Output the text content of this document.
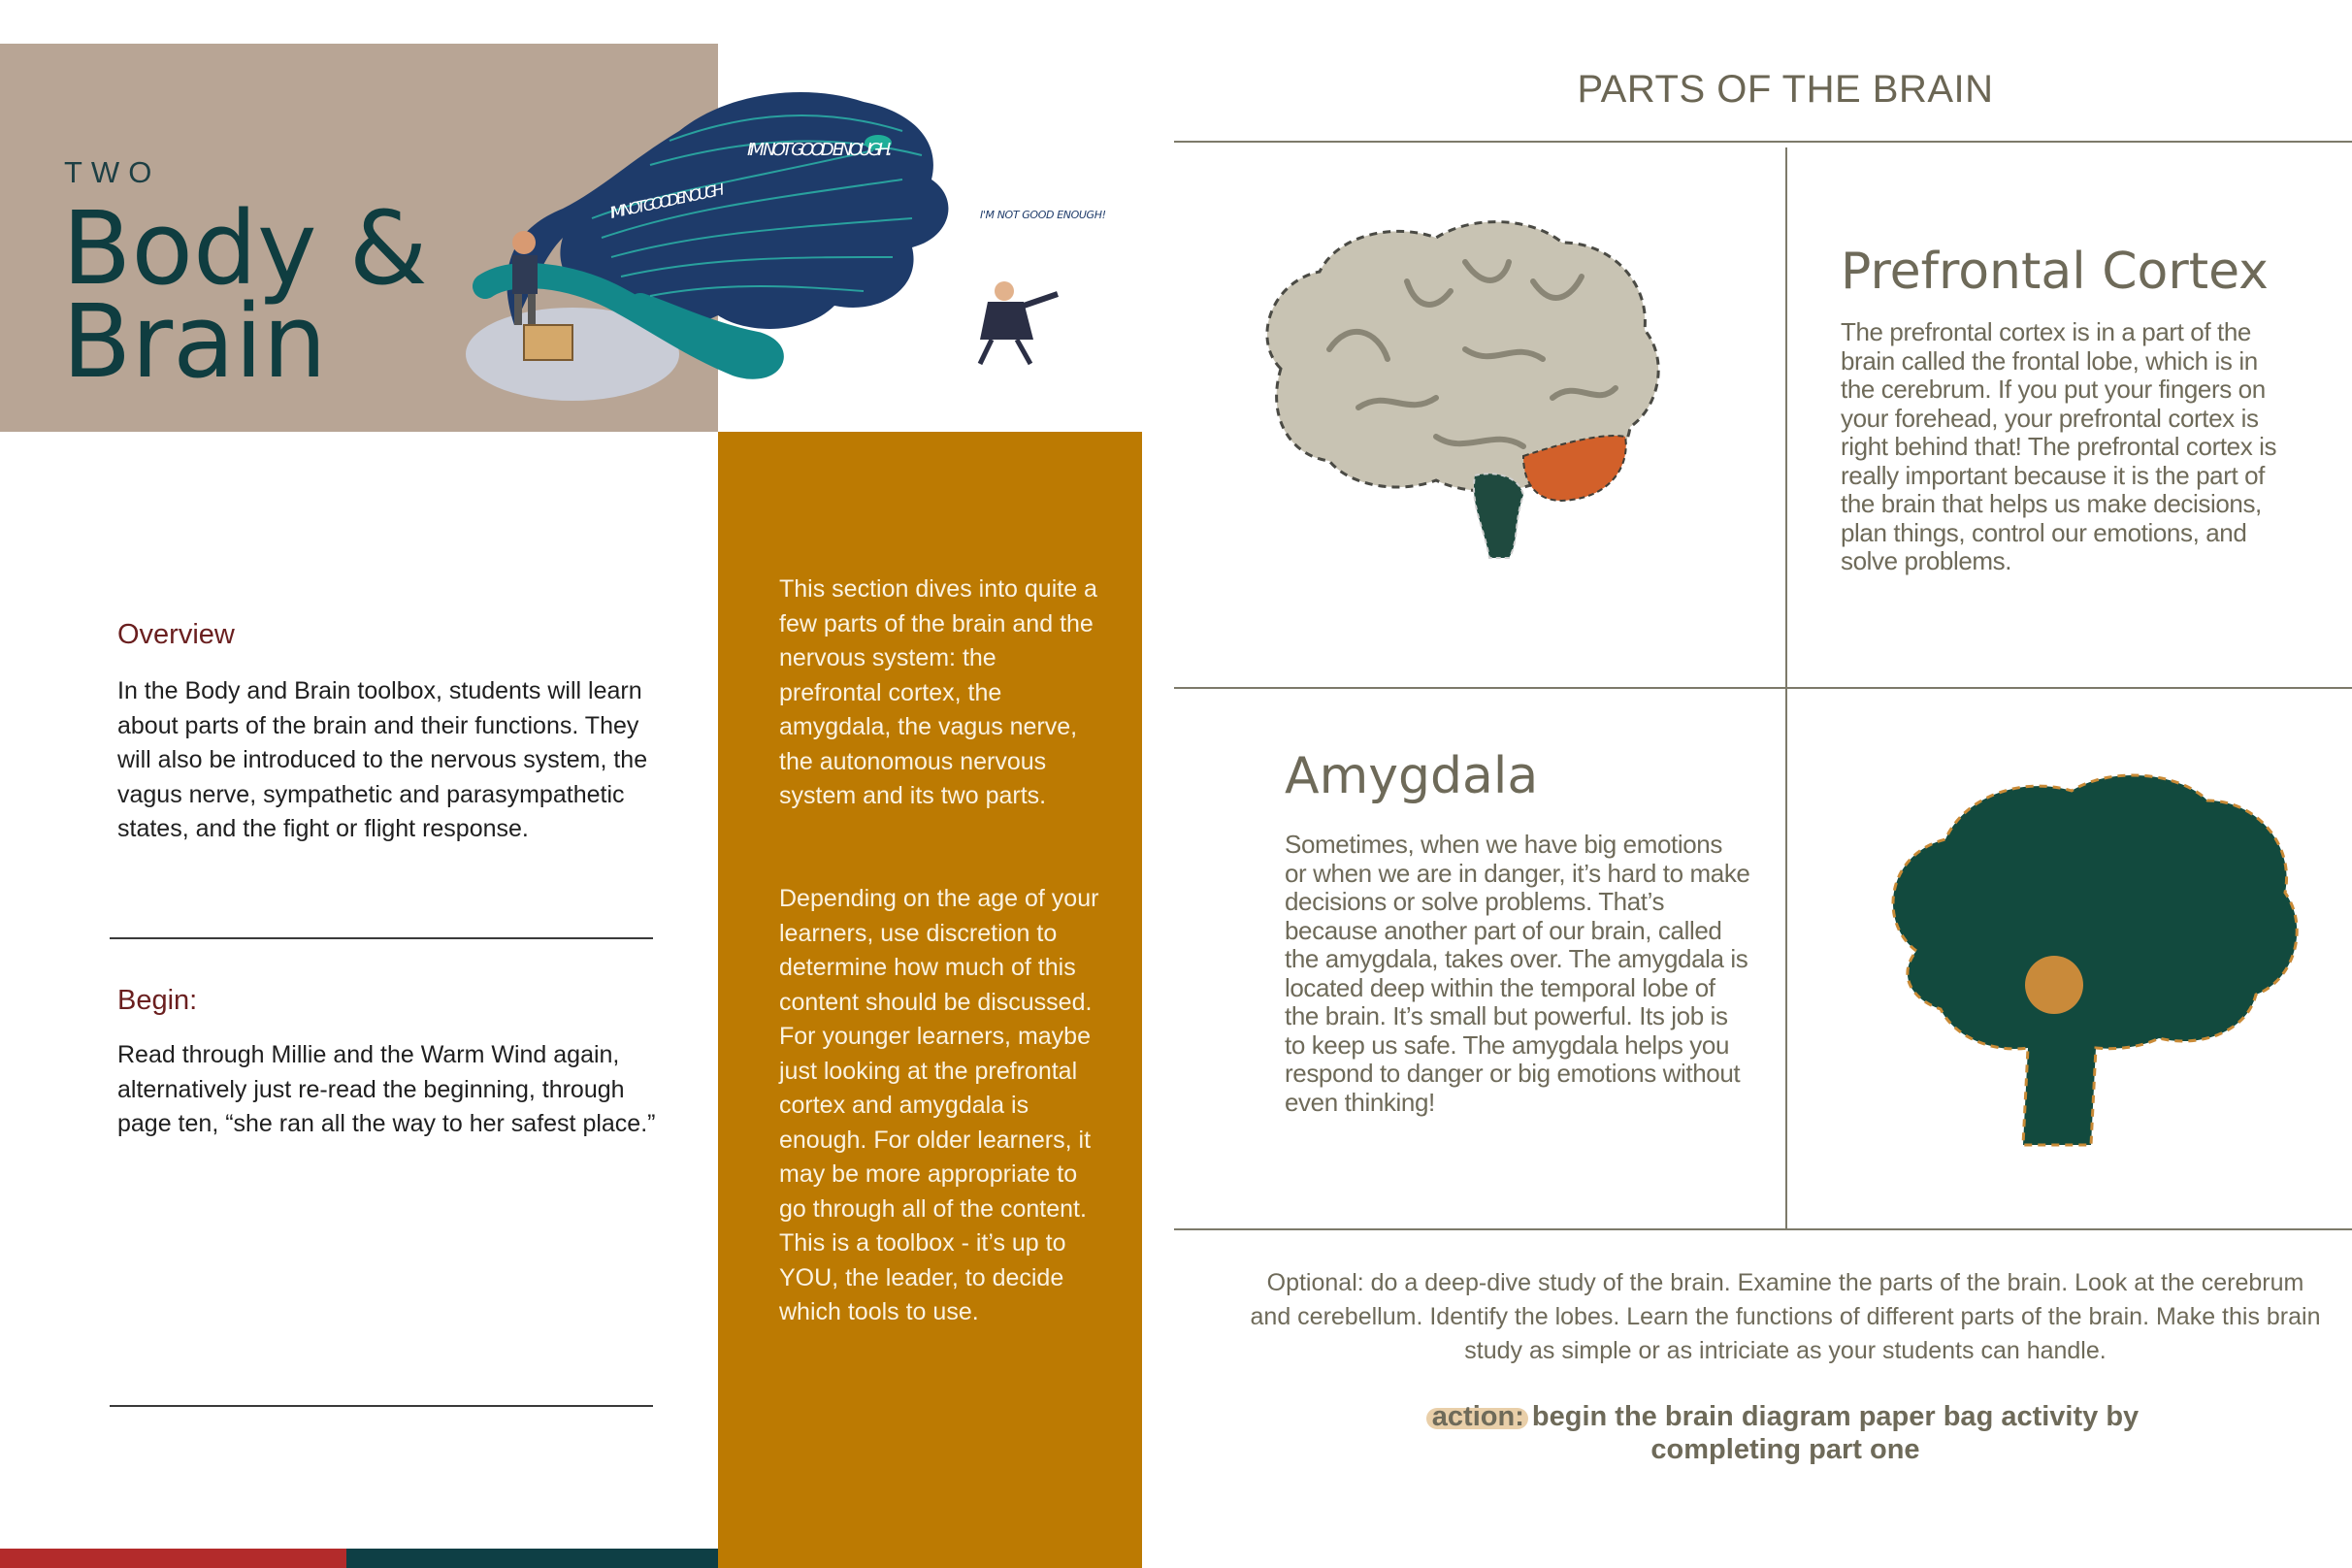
TWO
Body &
Brain
I'M NOT GOOD ENOUGH.
I'M NOT GOOD ENOUGH
I'M NOT GOOD ENOUGH!
Overview
In the Body and Brain toolbox, students will learn about parts of the brain and their functions. They will also be introduced to the nervous system, the vagus nerve, sympathetic and parasympathetic states, and the fight or flight response.
Begin:
Read through Millie and the Warm Wind again, alternatively just re-read the beginning, through page ten, “she ran all the way to her safest place.”
This section dives into quite a few parts of the brain and the nervous system: the prefrontal cortex, the amygdala, the vagus nerve, the autonomous nervous system and its two parts.
Depending on the age of your learners, use discretion to determine how much of this content should be discussed. For younger learners, maybe just looking at the prefrontal cortex and amygdala is enough. For older learners, it may be more appropriate to go through all of the content. This is a toolbox - it’s up to YOU, the leader, to decide which tools to use.
PARTS OF THE BRAIN
Prefrontal Cortex
The prefrontal cortex is in a part of the brain called the frontal lobe, which is in the cerebrum. If you put your fingers on your forehead, your prefrontal cortex is right behind that! The prefrontal cortex is really important because it is the part of the brain that helps us make decisions, plan things, control our emotions, and solve problems.
Amygdala
Sometimes, when we have big emotions or when we are in danger, it’s hard to make decisions or solve problems. That’s because another part of our brain, called the amygdala, takes over. The amygdala is located deep within the temporal lobe of the brain. It’s small but powerful. Its job is to keep us safe. The amygdala helps you respond to danger or big emotions without even thinking!
Optional: do a deep-dive study of the brain. Examine the parts of the brain. Look at the cerebrum and cerebellum. Identify the lobes. Learn the functions of different parts of the brain. Make this brain study as simple or as intriciate as your students can handle.
action: begin the brain diagram paper bag activity by completing part one
